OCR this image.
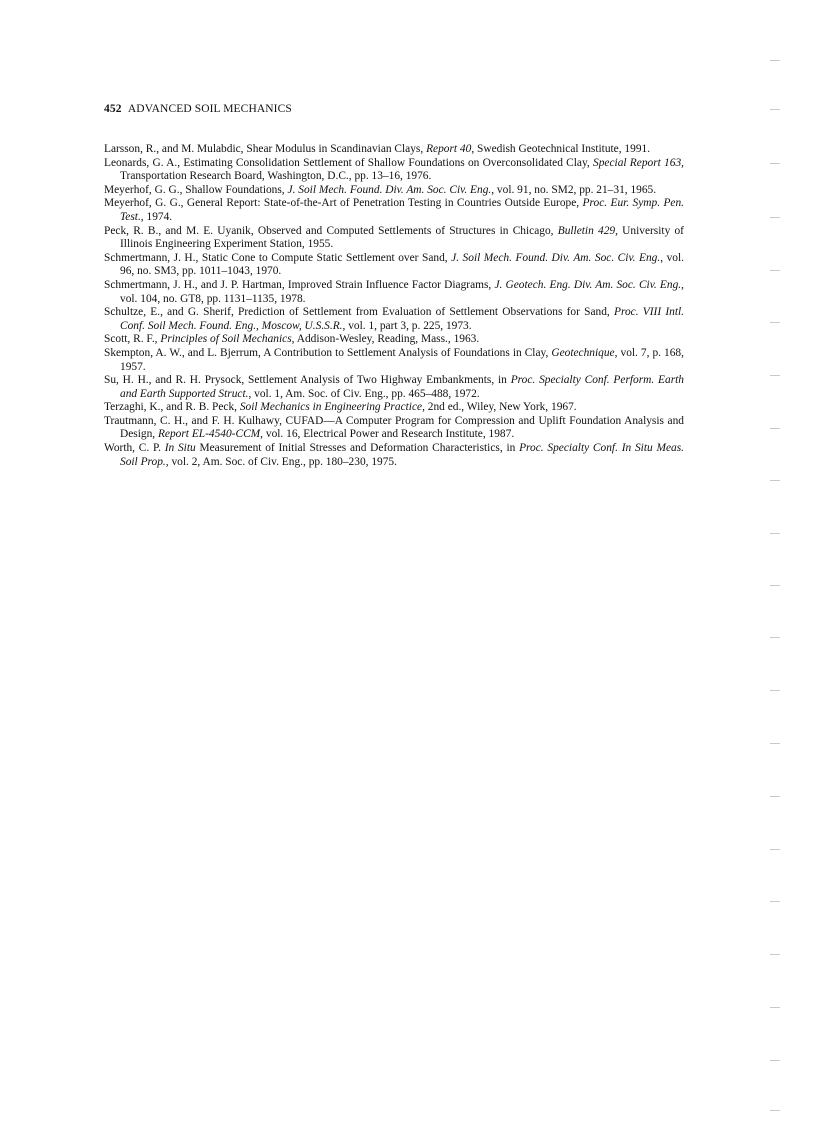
452 ADVANCED SOIL MECHANICS

Larsson, R., and M. Mulabdic, Shear Modulus in Scandinavian Clays, Report 40, Swedish Geotechnical Institute, 1991.

Leonards, G. A., Estimating Consolidation Settlement of Shallow Foundations on Overconsolidated Clay, Special Report 163, Transportation Research Board, Washington, D.C., pp. 13–16, 1976.

Meyerhof, G. G., Shallow Foundations, J. Soil Mech. Found. Div. Am. Soc. Civ. Eng., vol. 91, no. SM2, pp. 21–31, 1965.

Meyerhof, G. G., General Report: State-of-the-Art of Penetration Testing in Countries Outside Europe, Proc. Eur. Symp. Pen. Test., 1974.

Peck, R. B., and M. E. Uyanik, Observed and Computed Settlements of Structures in Chicago, Bulletin 429, University of Illinois Engineering Experiment Station, 1955.

Schmertmann, J. H., Static Cone to Compute Static Settlement over Sand, J. Soil Mech. Found. Div. Am. Soc. Civ. Eng., vol. 96, no. SM3, pp. 1011–1043, 1970.

Schmertmann, J. H., and J. P. Hartman, Improved Strain Influence Factor Diagrams, J. Geotech. Eng. Div. Am. Soc. Civ. Eng., vol. 104, no. GT8, pp. 1131–1135, 1978.

Schultze, E., and G. Sherif, Prediction of Settlement from Evaluation of Settlement Observations for Sand, Proc. VIII Intl. Conf. Soil Mech. Found. Eng., Moscow, U.S.S.R., vol. 1, part 3, p. 225, 1973.

Scott, R. F., Principles of Soil Mechanics, Addison-Wesley, Reading, Mass., 1963.

Skempton, A. W., and L. Bjerrum, A Contribution to Settlement Analysis of Foundations in Clay, Geotechnique, vol. 7, p. 168, 1957.

Su, H. H., and R. H. Prysock, Settlement Analysis of Two Highway Embankments, in Proc. Specialty Conf. Perform. Earth and Earth Supported Struct., vol. 1, Am. Soc. of Civ. Eng., pp. 465–488, 1972.

Terzaghi, K., and R. B. Peck, Soil Mechanics in Engineering Practice, 2nd ed., Wiley, New York, 1967.

Trautmann, C. H., and F. H. Kulhawy, CUFAD—A Computer Program for Compression and Uplift Foundation Analysis and Design, Report EL-4540-CCM, vol. 16, Electrical Power and Research Institute, 1987.

Worth, C. P. In Situ Measurement of Initial Stresses and Deformation Characteristics, in Proc. Specialty Conf. In Situ Meas. Soil Prop., vol. 2, Am. Soc. of Civ. Eng., pp. 180–230, 1975.
